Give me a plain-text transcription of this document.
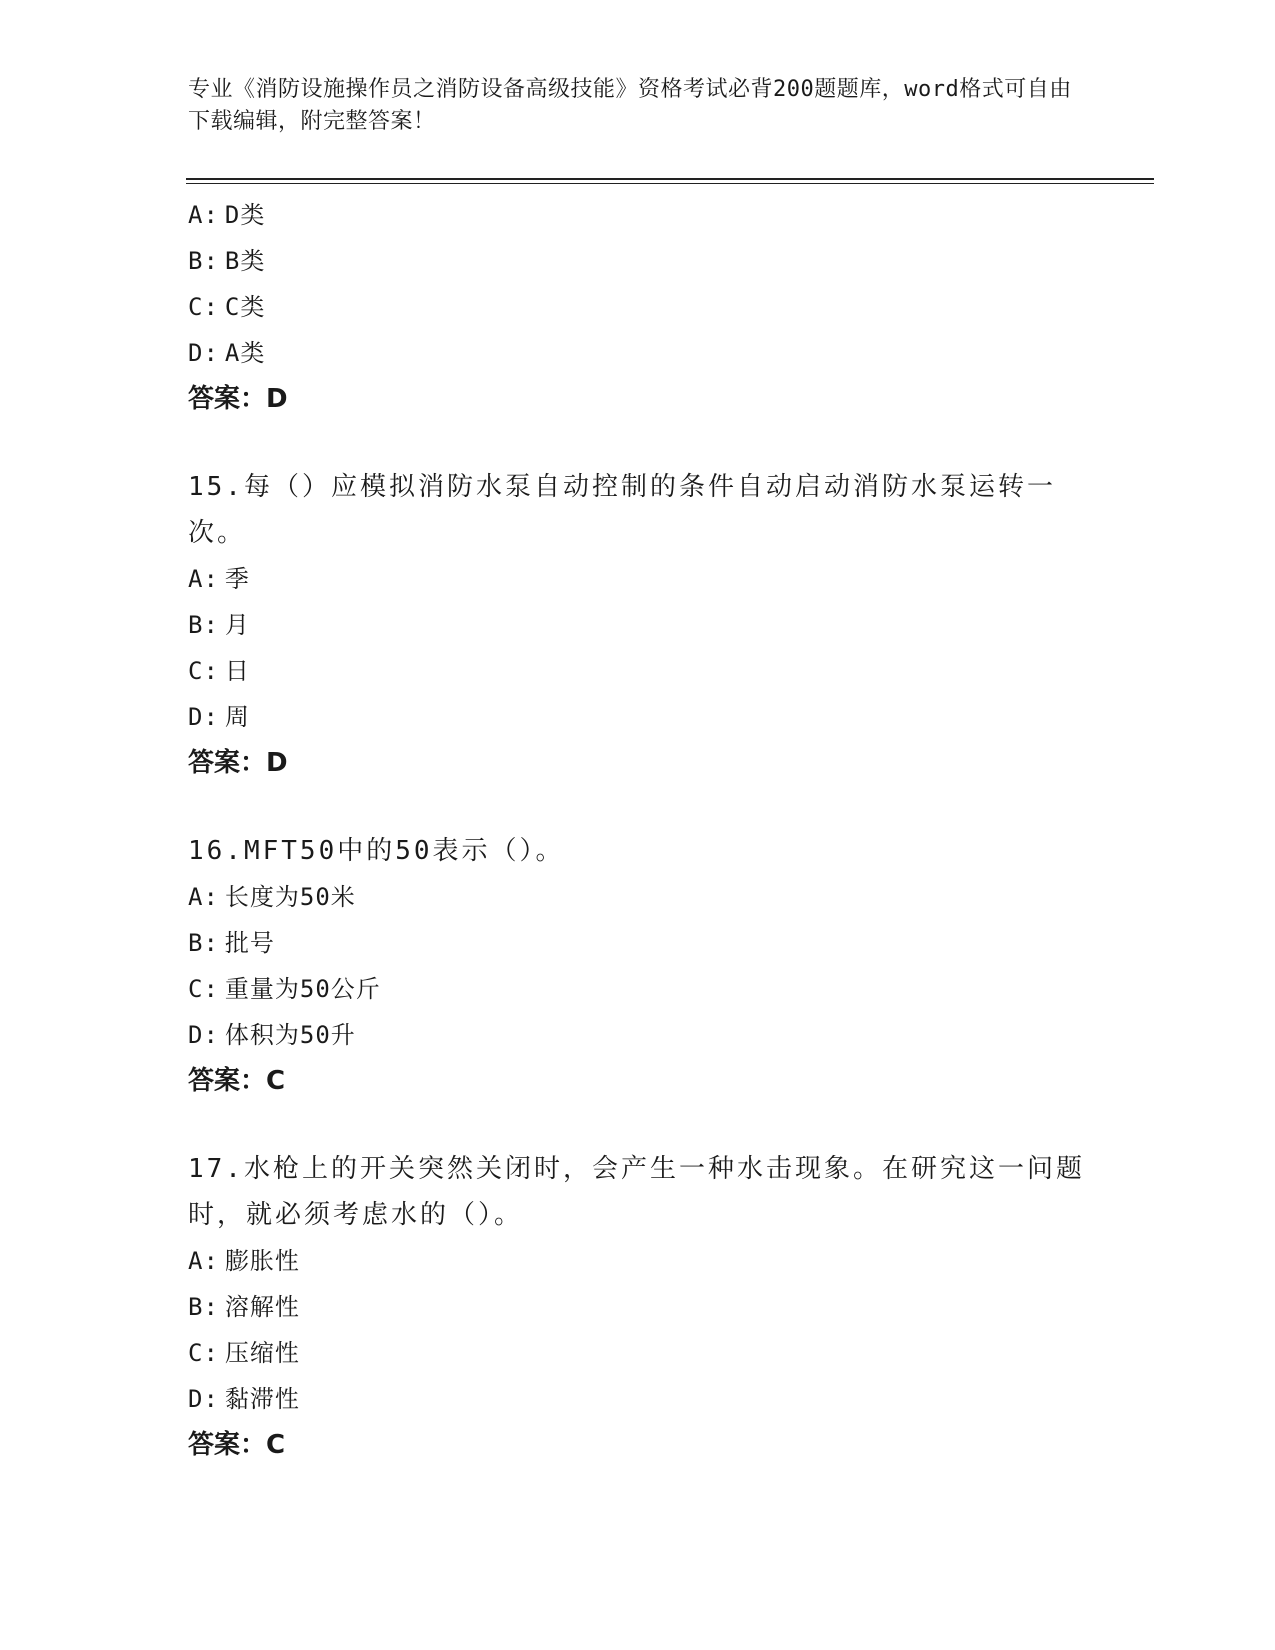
专业《消防设施操作员之消防设备高级技能》资格考试必背200题题库，word格式可自由下载编辑，附完整答案！
A: D类
B: B类
C: C类
D: A类
答案：D
15.每（）应模拟消防水泵自动控制的条件自动启动消防水泵运转一次。
A: 季
B: 月
C: 日
D: 周
答案：D
16.MFT50中的50表示（）。
A: 长度为50米
B: 批号
C: 重量为50公斤
D: 体积为50升
答案：C
17.水枪上的开关突然关闭时，会产生一种水击现象。在研究这一问题时，就必须考虑水的（）。
A: 膨胀性
B: 溶解性
C: 压缩性
D: 黏滞性
答案：C
